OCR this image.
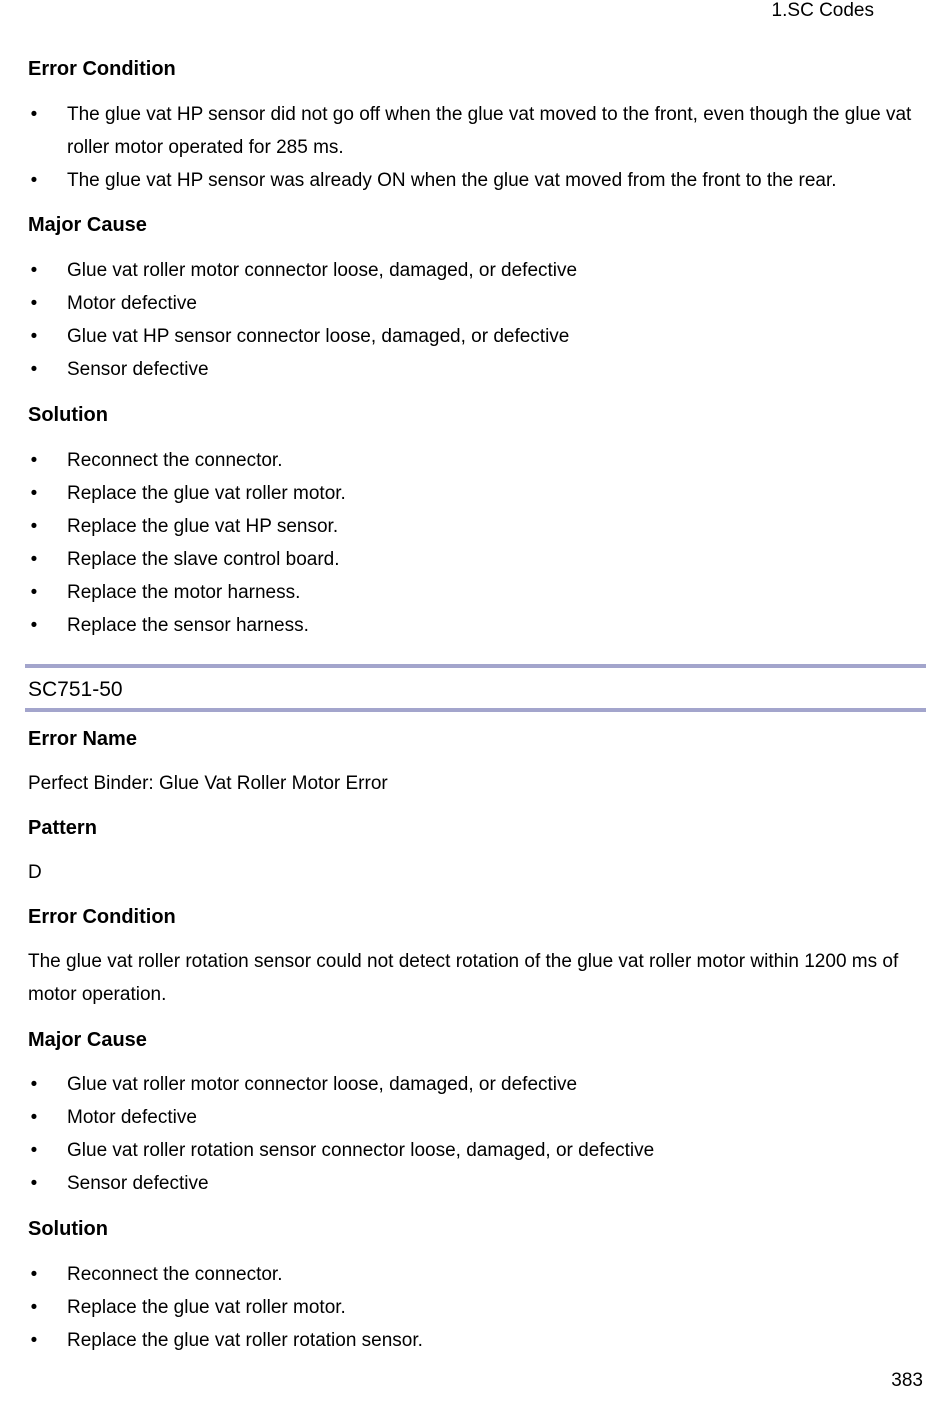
1.SC Codes
Error Condition
• The glue vat HP sensor did not go off when the glue vat moved to the front, even though the glue vat roller motor operated for 285 ms.
• The glue vat HP sensor was already ON when the glue vat moved from the front to the rear.
Major Cause
• Glue vat roller motor connector loose, damaged, or defective
• Motor defective
• Glue vat HP sensor connector loose, damaged, or defective
• Sensor defective
Solution
• Reconnect the connector.
• Replace the glue vat roller motor.
• Replace the glue vat HP sensor.
• Replace the slave control board.
• Replace the motor harness.
• Replace the sensor harness.
SC751-50
Error Name

Perfect Binder: Glue Vat Roller Motor Error

Pattern

D

Error Condition

The glue vat roller rotation sensor could not detect rotation of the glue vat roller motor within 1200 ms of motor operation.

Major Cause
• Glue vat roller motor connector loose, damaged, or defective
• Motor defective
• Glue vat roller rotation sensor connector loose, damaged, or defective
• Sensor defective
Solution
• Reconnect the connector.
• Replace the glue vat roller motor.
• Replace the glue vat roller rotation sensor.
383
